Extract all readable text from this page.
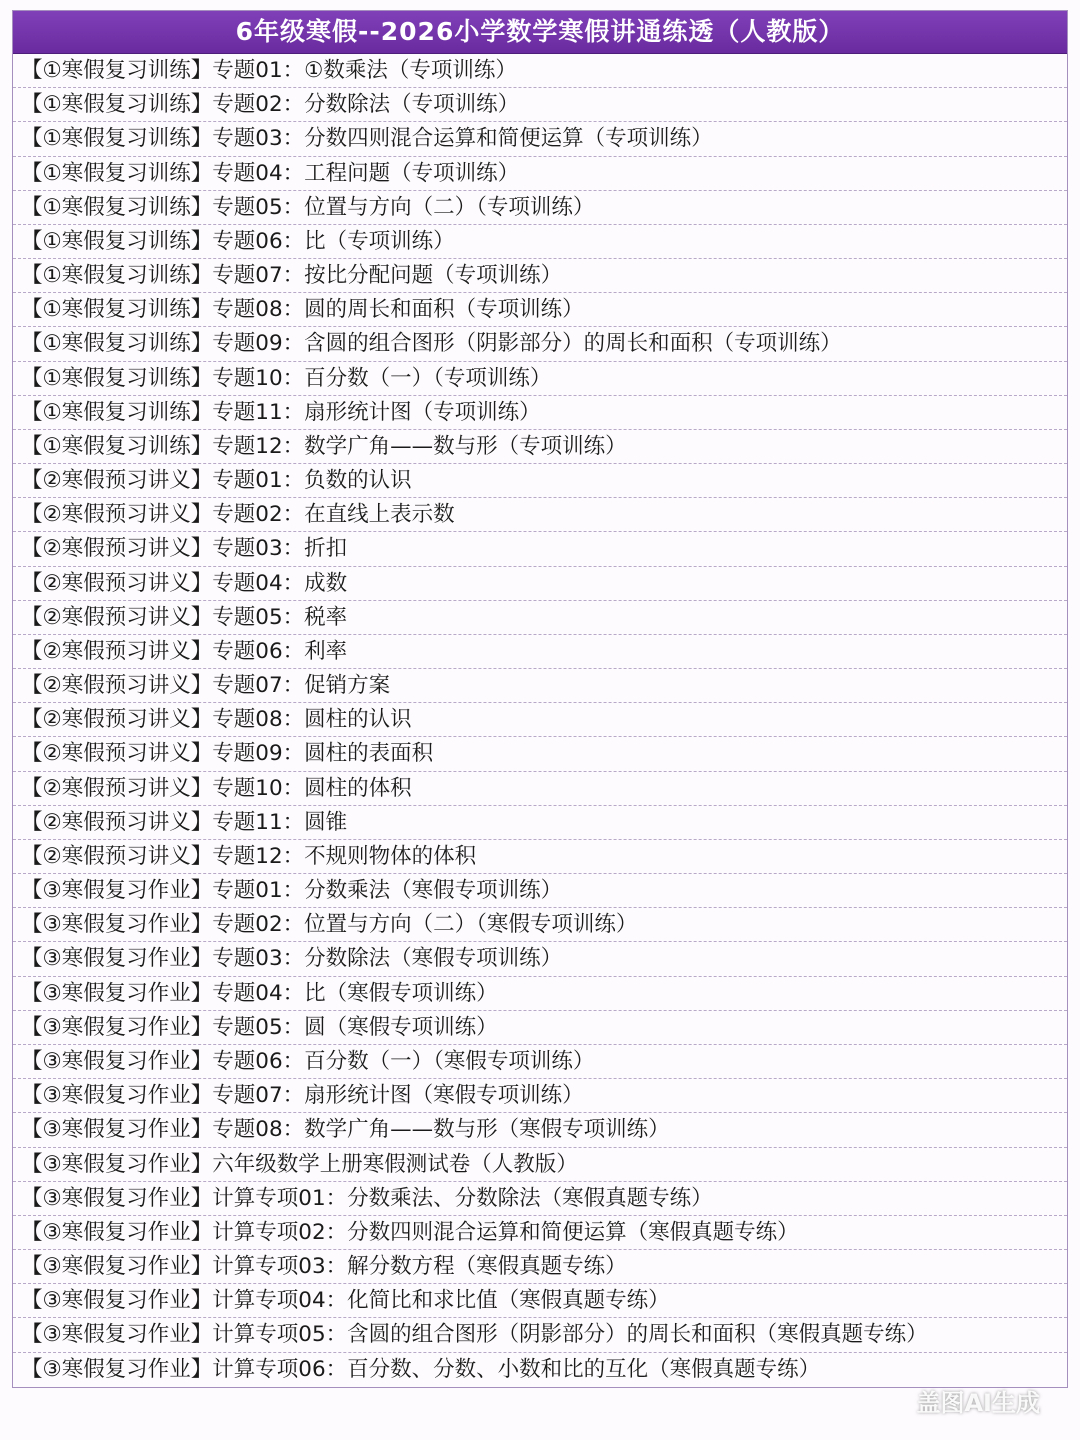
6年级寒假--2026小学数学寒假讲通练透（人教版）
【①寒假复习训练】专题01：①数乘法（专项训练）
【①寒假复习训练】专题02：分数除法（专项训练）
【①寒假复习训练】专题03：分数四则混合运算和简便运算（专项训练）
【①寒假复习训练】专题04：工程问题（专项训练）
【①寒假复习训练】专题05：位置与方向（二）（专项训练）
【①寒假复习训练】专题06：比（专项训练）
【①寒假复习训练】专题07：按比分配问题（专项训练）
【①寒假复习训练】专题08：圆的周长和面积（专项训练）
【①寒假复习训练】专题09：含圆的组合图形（阴影部分）的周长和面积（专项训练）
【①寒假复习训练】专题10：百分数（一）（专项训练）
【①寒假复习训练】专题11：扇形统计图（专项训练）
【①寒假复习训练】专题12：数学广角——数与形（专项训练）
【②寒假预习讲义】专题01：负数的认识
【②寒假预习讲义】专题02：在直线上表示数
【②寒假预习讲义】专题03：折扣
【②寒假预习讲义】专题04：成数
【②寒假预习讲义】专题05：税率
【②寒假预习讲义】专题06：利率
【②寒假预习讲义】专题07：促销方案
【②寒假预习讲义】专题08：圆柱的认识
【②寒假预习讲义】专题09：圆柱的表面积
【②寒假预习讲义】专题10：圆柱的体积
【②寒假预习讲义】专题11：圆锥
【②寒假预习讲义】专题12：不规则物体的体积
【③寒假复习作业】专题01：分数乘法（寒假专项训练）
【③寒假复习作业】专题02：位置与方向（二）（寒假专项训练）
【③寒假复习作业】专题03：分数除法（寒假专项训练）
【③寒假复习作业】专题04：比（寒假专项训练）
【③寒假复习作业】专题05：圆（寒假专项训练）
【③寒假复习作业】专题06：百分数（一）（寒假专项训练）
【③寒假复习作业】专题07：扇形统计图（寒假专项训练）
【③寒假复习作业】专题08：数学广角——数与形（寒假专项训练）
【③寒假复习作业】六年级数学上册寒假测试卷（人教版）
【③寒假复习作业】计算专项01：分数乘法、分数除法（寒假真题专练）
【③寒假复习作业】计算专项02：分数四则混合运算和简便运算（寒假真题专练）
【③寒假复习作业】计算专项03：解分数方程（寒假真题专练）
【③寒假复习作业】计算专项04：化简比和求比值（寒假真题专练）
【③寒假复习作业】计算专项05：含圆的组合图形（阴影部分）的周长和面积（寒假真题专练）
【③寒假复习作业】计算专项06：百分数、分数、小数和比的互化（寒假真题专练）
盖图AI生成
